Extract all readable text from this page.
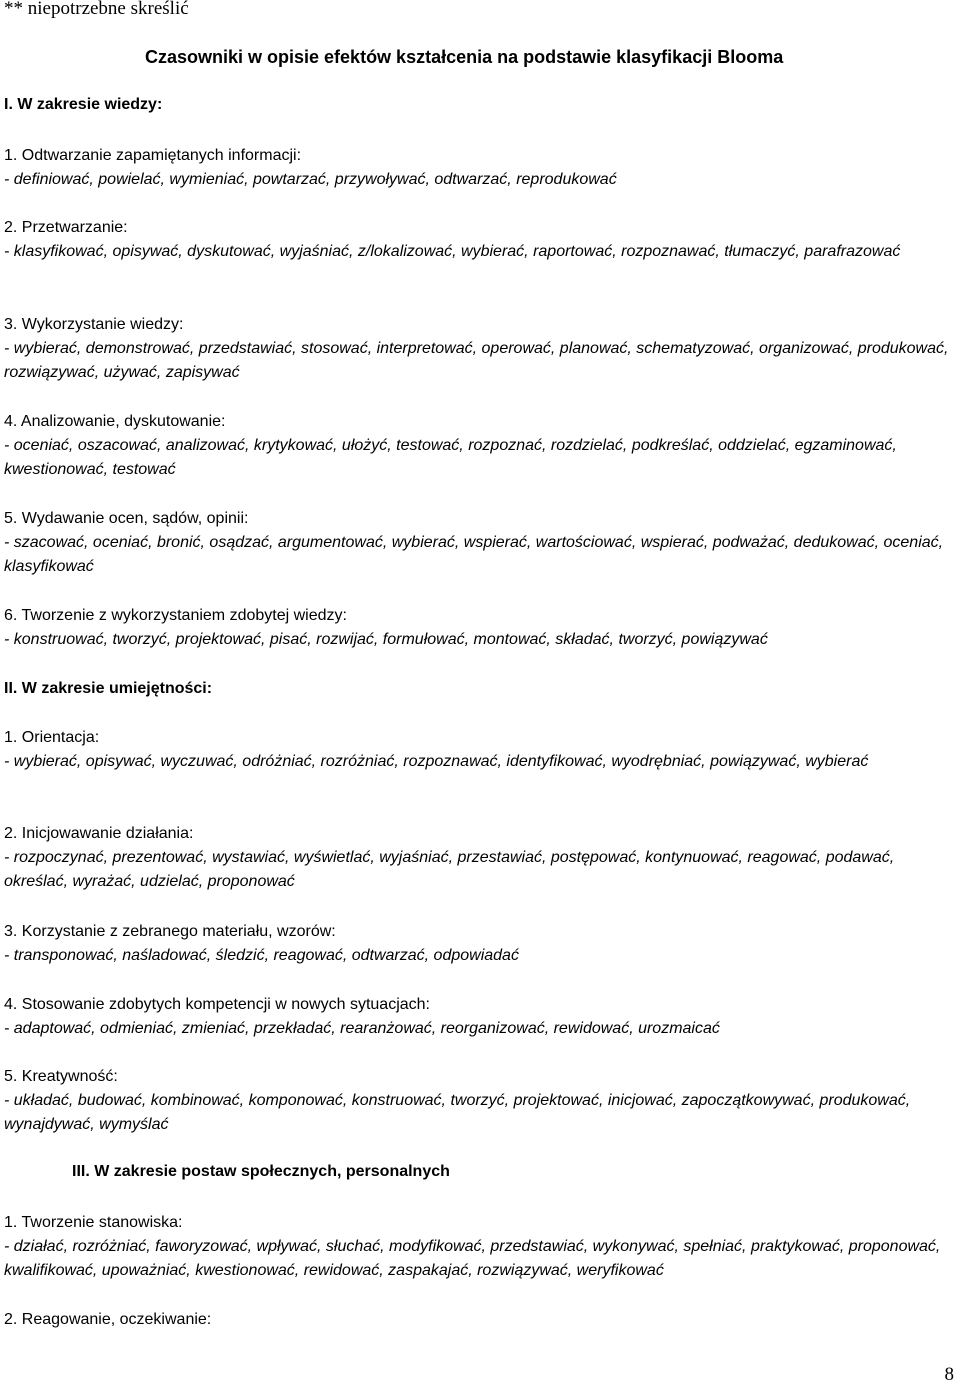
** niepotrzebne skreślić
Czasowniki w opisie efektów kształcenia na podstawie klasyfikacji Blooma
I. W zakresie wiedzy:
1. Odtwarzanie zapamiętanych informacji:
- definiować, powielać, wymieniać, powtarzać, przywoływać, odtwarzać, reprodukować
2. Przetwarzanie:
- klasyfikować, opisywać, dyskutować, wyjaśniać, z/lokalizować, wybierać, raportować, rozpoznawać, tłumaczyć, parafrazować
3. Wykorzystanie wiedzy:
- wybierać, demonstrować, przedstawiać, stosować, interpretować, operować, planować, schematyzować, organizować, produkować, rozwiązywać, używać, zapisywać
4. Analizowanie, dyskutowanie:
- oceniać, oszacować, analizować, krytykować, ułożyć, testować, rozpoznać, rozdzielać, podkreślać, oddzielać, egzaminować, kwestionować, testować
5. Wydawanie ocen, sądów, opinii:
- szacować, oceniać, bronić, osądzać, argumentować, wybierać, wspierać, wartościować, wspierać, podważać, dedukować, oceniać, klasyfikować
6. Tworzenie z wykorzystaniem zdobytej wiedzy:
- konstruować, tworzyć, projektować, pisać, rozwijać, formułować, montować, składać, tworzyć, powiązywać
II. W zakresie umiejętności:
1. Orientacja:
- wybierać, opisywać, wyczuwać, odróżniać, rozróżniać, rozpoznawać, identyfikować, wyodrębniać, powiązywać, wybierać
2. Inicjowawanie działania:
- rozpoczynać, prezentować, wystawiać, wyświetlać, wyjaśniać, przestawiać, postępować, kontynuować, reagować, podawać, określać, wyrażać, udzielać, proponować
3. Korzystanie z zebranego materiału, wzorów:
- transponować, naśladować, śledzić, reagować, odtwarzać, odpowiadać
4. Stosowanie zdobytych kompetencji w nowych sytuacjach:
- adaptować, odmieniać, zmieniać, przekładać, rearanżować, reorganizować, rewidować, urozmaicać
5. Kreatywność:
- układać, budować, kombinować, komponować, konstruować, tworzyć, projektować, inicjować, zapoczątkowywać, produkować, wynajdywać, wymyślać
III. W zakresie postaw społecznych, personalnych
1. Tworzenie stanowiska:
- działać, rozróżniać, faworyzować, wpływać, słuchać, modyfikować, przedstawiać, wykonywać, spełniać, praktykować, proponować, kwalifikować, upoważniać, kwestionować, rewidować, zaspakajać, rozwiązywać, weryfikować
2. Reagowanie, oczekiwanie:
8
